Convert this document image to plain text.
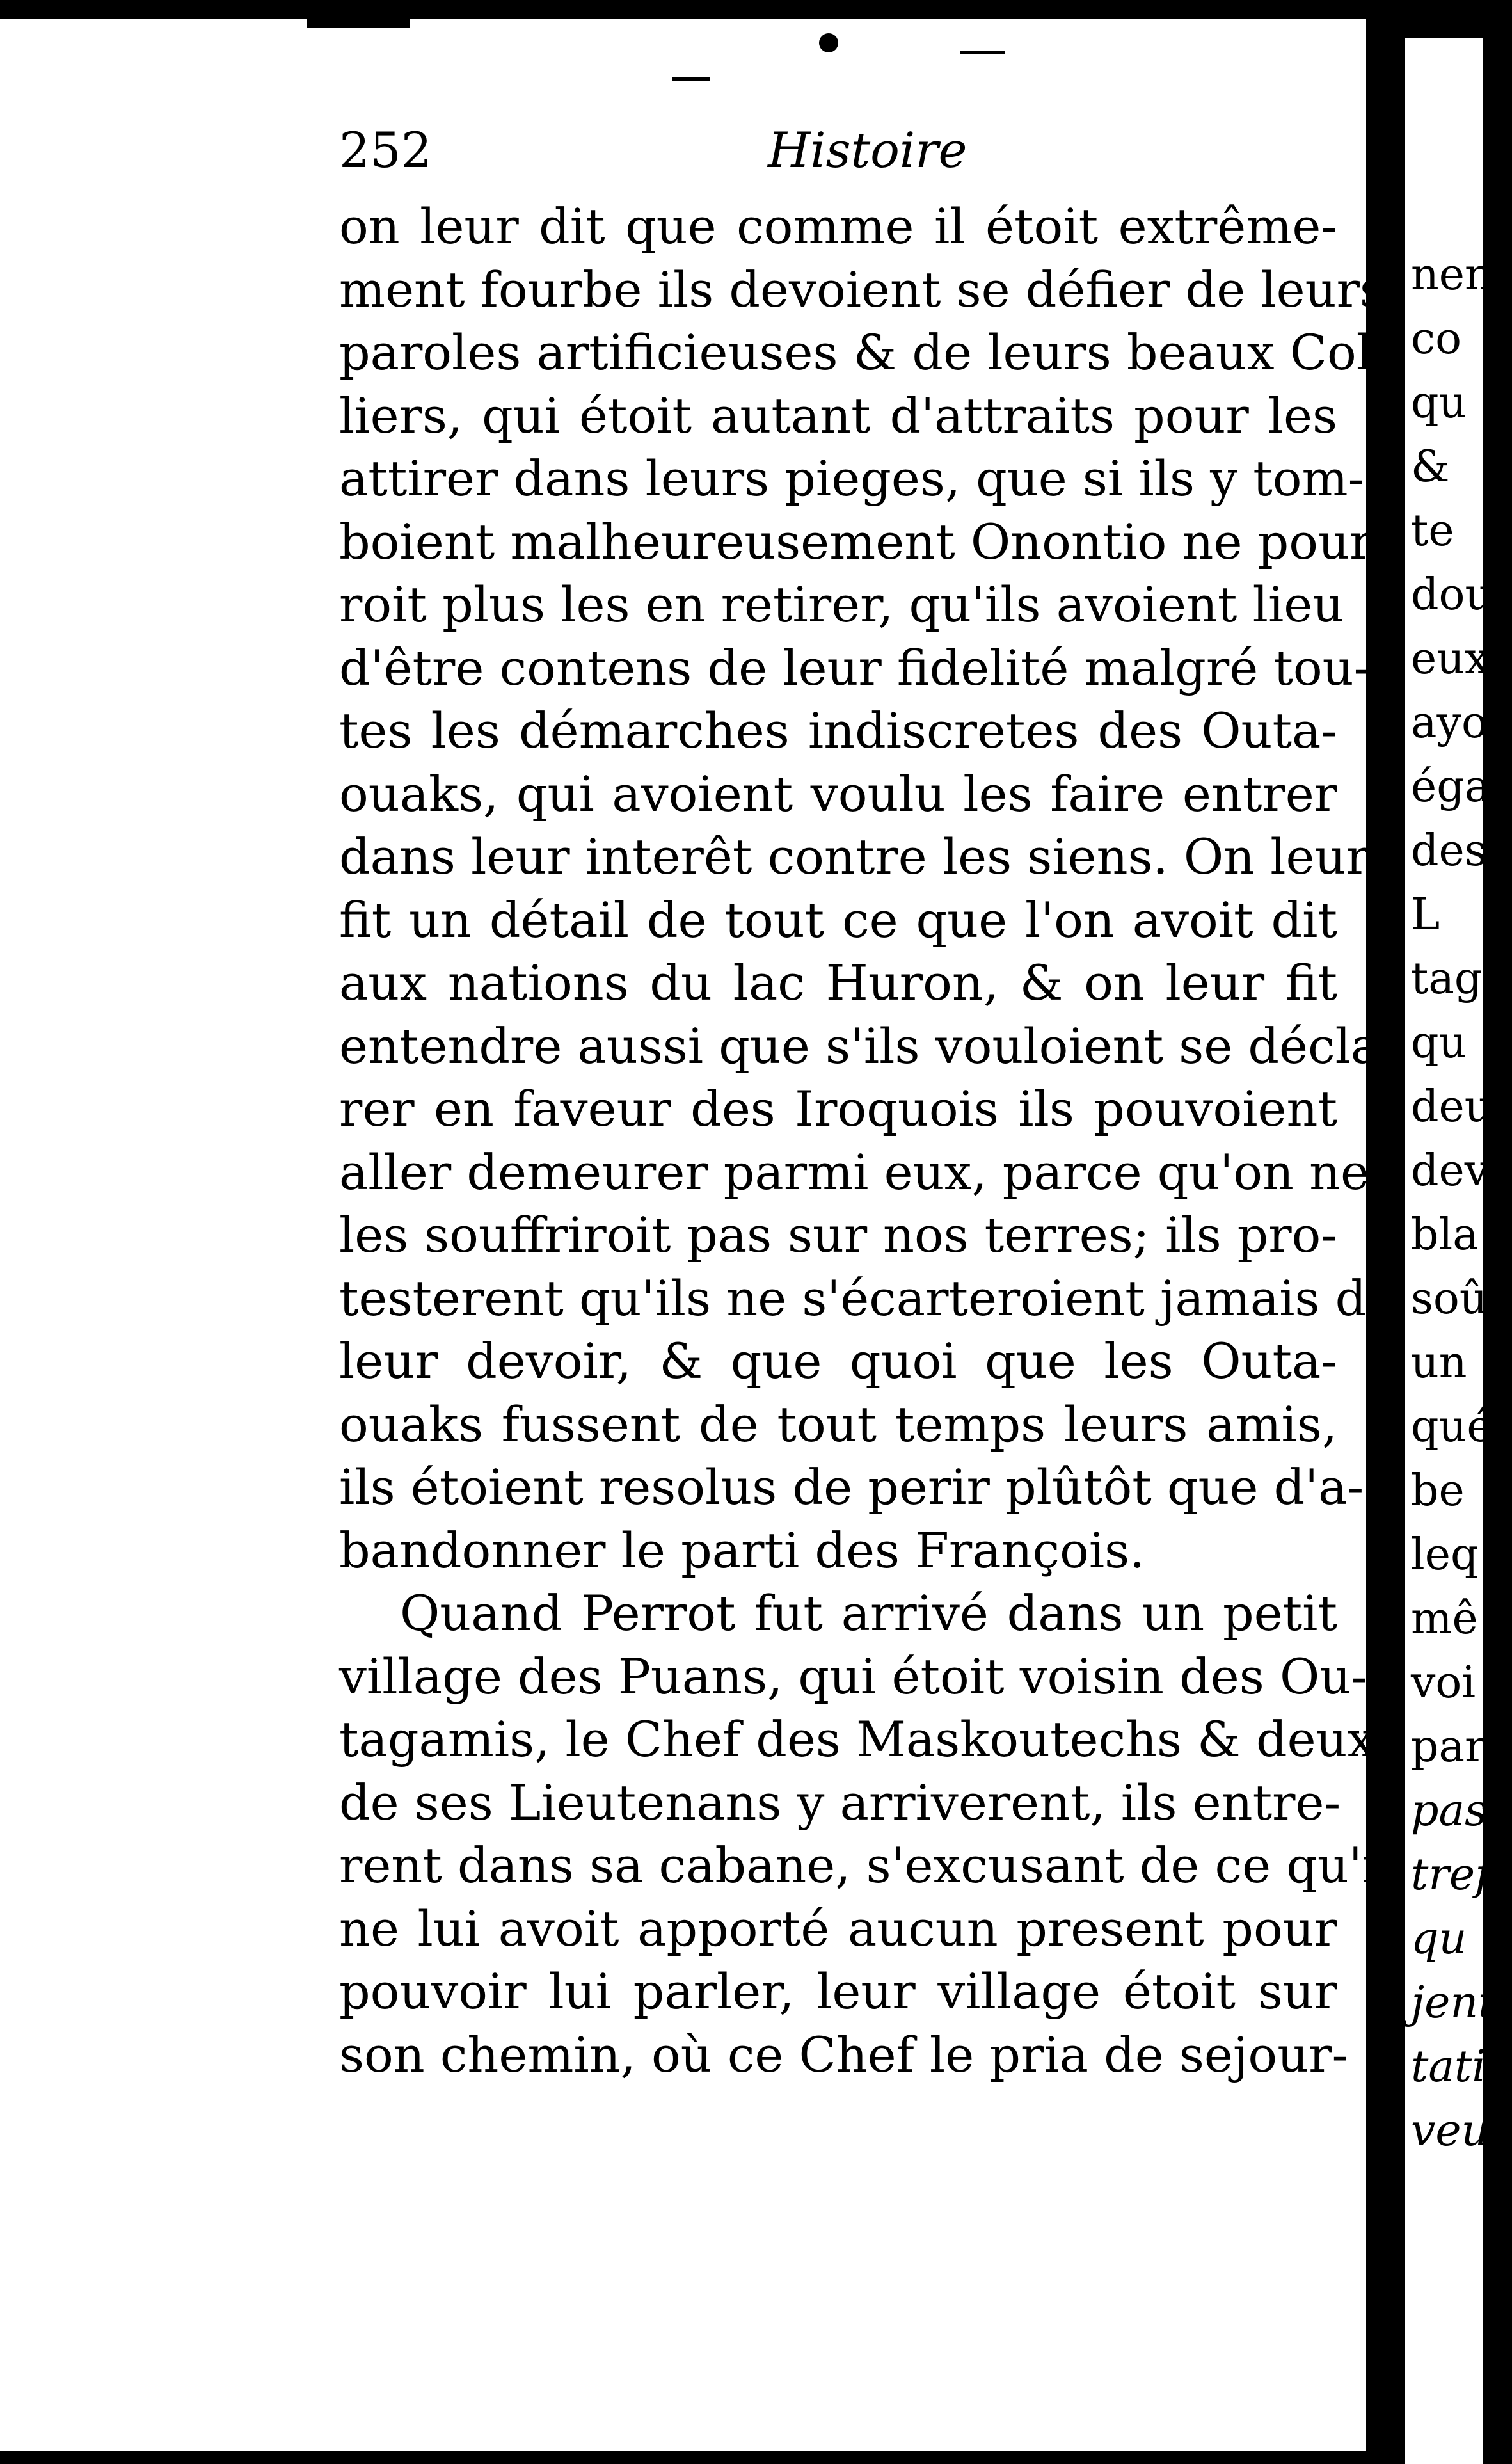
252	Histoire
on leur dit que comme il étoit extrême-
ment fourbe ils devoient se défier de leurs
paroles artificieuses & de leurs beaux Col-
liers, qui étoit autant d'attraits pour les
attirer dans leurs pieges, que si ils y tom-
boient malheureusement Onontio ne pour-
roit plus les en retirer, qu'ils avoient lieu
d'être contens de leur fidelité malgré tou-
tes les démarches indiscretes des Outa-
ouaks, qui avoient voulu les faire entrer
dans leur interêt contre les siens. On leur
fit un détail de tout ce que l'on avoit dit
aux nations du lac Huron, & on leur fit
entendre aussi que s'ils vouloient se décla-
rer en faveur des Iroquois ils pouvoient
aller demeurer parmi eux, parce qu'on ne
les souffriroit pas sur nos terres; ils pro-
testerent qu'ils ne s'écarteroient jamais de
leur devoir, & que quoi que les Outa-
ouaks fussent de tout temps leurs amis,
ils étoient resolus de perir plûtôt que d'a-
bandonner le parti des François.
Quand Perrot fut arrivé dans un petit
village des Puans, qui étoit voisin des Ou-
tagamis, le Chef des Maskoutechs & deux
de ses Lieutenans y arriverent, ils entre-
rent dans sa cabane, s'excusant de ce qu'il
ne lui avoit apporté aucun present pour
pouvoir lui parler, leur village étoit sur
son chemin, où ce Chef le pria de sejour-
nen
co
qu
&
te
dou
eux
ayo
éga
des
L
tag
qu
deu
dev
bla
soû
un
qué
be
leq
mê
voi
par
pas
tref
qu i
jent
tatio
veu
